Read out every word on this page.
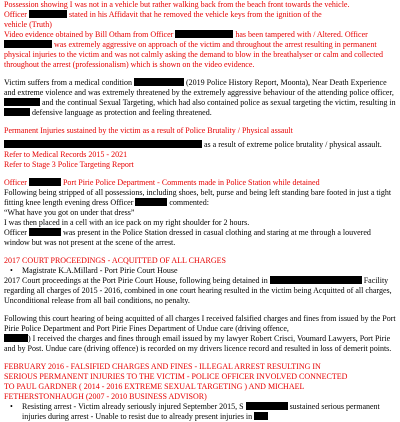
Possession showing I was not in a vehicle but rather walking back from the beach front towards the vehicle.
Officer	stated in his Affidavit that he removed the vehicle keys from the ignition of the
vehicle (Truth)
Video evidence obtained by Bill Otham from Officer	has been tampered with / Altered. Officer
was extremely aggressive on approach of the victim and throughout the arrest resulting in permanent physical injuries to the victim and was not calmly asking the demand to blow in the breathalyser or calm and collected throughout the arrest (professionalism) which is shown on the video evidence.

Victim suffers from a medical condition	(2019 Police History Report, Moonta), Near Death Experience and extreme violence and was extremely threatened by the extremely aggressive behaviour of the attending police officer,  and the continual Sexual Targeting, which had also contained police as sexual targeting the victim, resulting in  defensive language as protection and feeling threatened.

Permanent Injuries sustained by the victim as a result of Police Brutality / Physical assault

as a result of extreme police brutality / physical assault.

Refer to Medical Records 2015 - 2021

Refer to Stage 3 Police Targeting Report

Officer	Port Pirie Police Department - Comments made in Police Station while detained

Following being stripped of all possessions, including shoes, belt, purse and being left standing bare footed in just a tight fitting knee length evening dress Officer	commented:
“What have you got on under that dress”
I was then placed in a cell with an ice pack on my right shoulder for 2 hours.
Officer	was present in the Police Station dressed in casual clothing and staring at me through a louvered window but was not present at the scene of the arrest.

2017 COURT PROCEEDINGS - ACQUITTED OF ALL CHARGES

• Magistrate K.A.Millard - Port Pirie Court House

2017 Court proceedings at the Port Pirie Court House, following being detained in	Facility regarding all charges of 2015 - 2016, combined in one court hearing resulted in the victim being Acquitted of all charges, Unconditional release from all bail conditions, no penalty.

Following this court hearing of being acquitted of all charges I received falsified charges and fines from issued by the Port Pirie Police Department and Port Pirie Fines Department of Undue care (driving offence,
) I received the charges and fines through email issued by my lawyer Robert Crisci, Voumard Lawyers, Port Pirie and by Post. Undue care (driving offence) is recorded on my drivers licence record and resulted in loss of demerit points.

FEBRUARY 2016 - FALSIFIED CHARGES AND FINES - ILLEGAL ARREST RESULTING IN
SERIOUS PERMANENT INJURIES TO THE VICTIM - POLICE OFFICER INVOLVED CONNECTED
TO PAUL GARDNER ( 2014 - 2016 EXTREME SEXUAL TARGETING ) AND MICHAEL
FETHERSTONHAUGH (2007 - 2010 BUSINESS ADVISOR)

• Resisting arrest - Victim already seriously injured September 2015, S	sustained serious permanent injuries during arrest - Unable to resist due to already present injuries in
